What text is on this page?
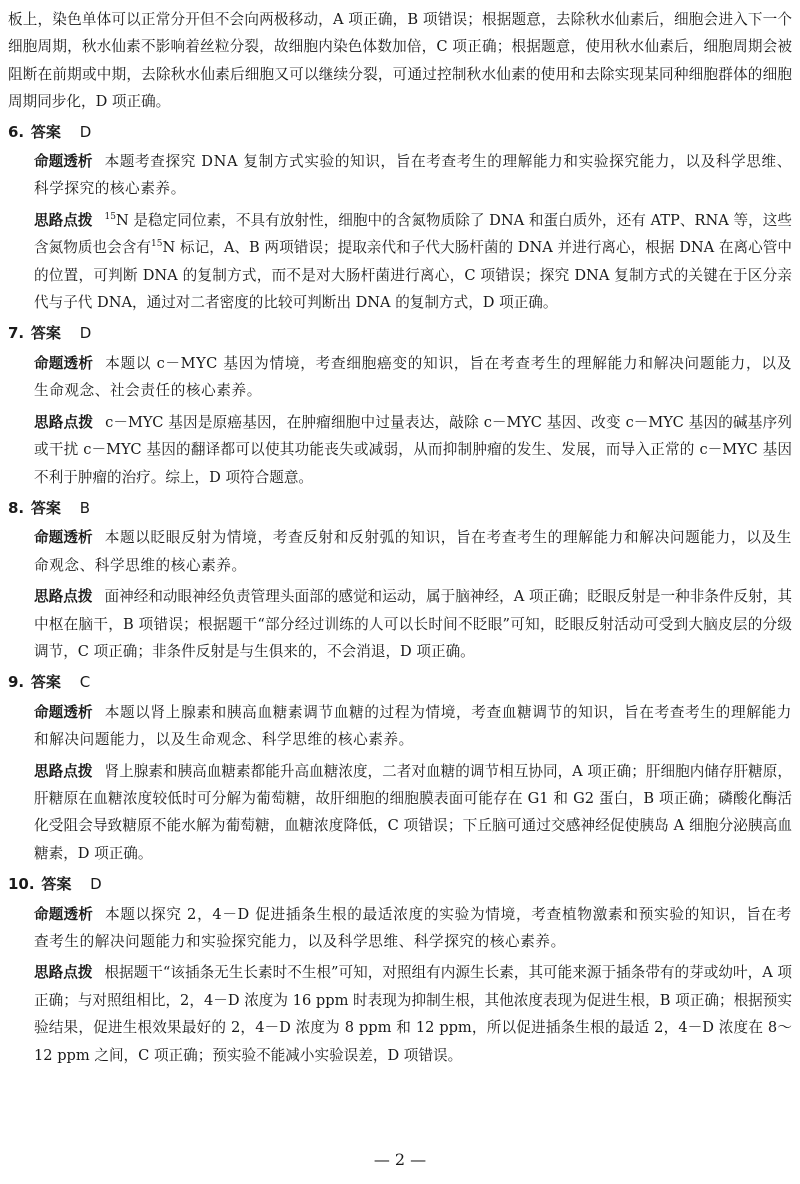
板上，染色单体可以正常分开但不会向两极移动，A 项正确，B 项错误；根据题意，去除秋水仙素后，细胞会进入下一个细胞周期，秋水仙素不影响着丝粒分裂，故细胞内染色体数加倍，C 项正确；根据题意，使用秋水仙素后，细胞周期会被阻断在前期或中期，去除秋水仙素后细胞又可以继续分裂，可通过控制秋水仙素的使用和去除实现某同种细胞群体的细胞周期同步化，D 项正确。

6. 答案 D

命题透析 本题考查探究 DNA 复制方式实验的知识，旨在考查考生的理解能力和实验探究能力，以及科学思维、科学探究的核心素养。

思路点拨 $^{15}$N 是稳定同位素，不具有放射性，细胞中的含氮物质除了 DNA 和蛋白质外，还有 ATP、RNA 等，这些含氮物质也会含有$^{15}$N 标记，A、B 两项错误；提取亲代和子代大肠杆菌的 DNA 并进行离心，根据 DNA 在离心管中的位置，可判断 DNA 的复制方式，而不是对大肠杆菌进行离心，C 项错误；探究 DNA 复制方式的关键在于区分亲代与子代 DNA，通过对二者密度的比较可判断出 DNA 的复制方式，D 项正确。

7. 答案 D

命题透析 本题以 c－MYC 基因为情境，考查细胞癌变的知识，旨在考查考生的理解能力和解决问题能力，以及生命观念、社会责任的核心素养。

思路点拨 c－MYC 基因是原癌基因，在肿瘤细胞中过量表达，敲除 c－MYC 基因、改变 c－MYC 基因的碱基序列或干扰 c－MYC 基因的翻译都可以使其功能丧失或减弱，从而抑制肿瘤的发生、发展，而导入正常的 c－MYC 基因不利于肿瘤的治疗。综上，D 项符合题意。

8. 答案 B

命题透析 本题以眨眼反射为情境，考查反射和反射弧的知识，旨在考查考生的理解能力和解决问题能力，以及生命观念、科学思维的核心素养。

思路点拨 面神经和动眼神经负责管理头面部的感觉和运动，属于脑神经，A 项正确；眨眼反射是一种非条件反射，其中枢在脑干，B 项错误；根据题干“部分经过训练的人可以长时间不眨眼”可知，眨眼反射活动可受到大脑皮层的分级调节，C 项正确；非条件反射是与生俱来的，不会消退，D 项正确。

9. 答案 C

命题透析 本题以肾上腺素和胰高血糖素调节血糖的过程为情境，考查血糖调节的知识，旨在考查考生的理解能力和解决问题能力，以及生命观念、科学思维的核心素养。

思路点拨 肾上腺素和胰高血糖素都能升高血糖浓度，二者对血糖的调节相互协同，A 项正确；肝细胞内储存肝糖原，肝糖原在血糖浓度较低时可分解为葡萄糖，故肝细胞的细胞膜表面可能存在 G1 和 G2 蛋白，B 项正确；磷酸化酶活化受阻会导致糖原不能水解为葡萄糖，血糖浓度降低，C 项错误；下丘脑可通过交感神经促使胰岛 A 细胞分泌胰高血糖素，D 项正确。

10. 答案 D

命题透析 本题以探究 2，4－D 促进插条生根的最适浓度的实验为情境，考查植物激素和预实验的知识，旨在考查考生的解决问题能力和实验探究能力，以及科学思维、科学探究的核心素养。

思路点拨 根据题干“该插条无生长素时不生根”可知，对照组有内源生长素，其可能来源于插条带有的芽或幼叶，A 项正确；与对照组相比，2，4－D 浓度为 16 ppm 时表现为抑制生根，其他浓度表现为促进生根，B 项正确；根据预实验结果，促进生根效果最好的 2，4－D 浓度为 8 ppm 和 12 ppm，所以促进插条生根的最适 2，4－D 浓度在 8～12 ppm 之间，C 项正确；预实验不能减小实验误差，D 项错误。

— 2 —
